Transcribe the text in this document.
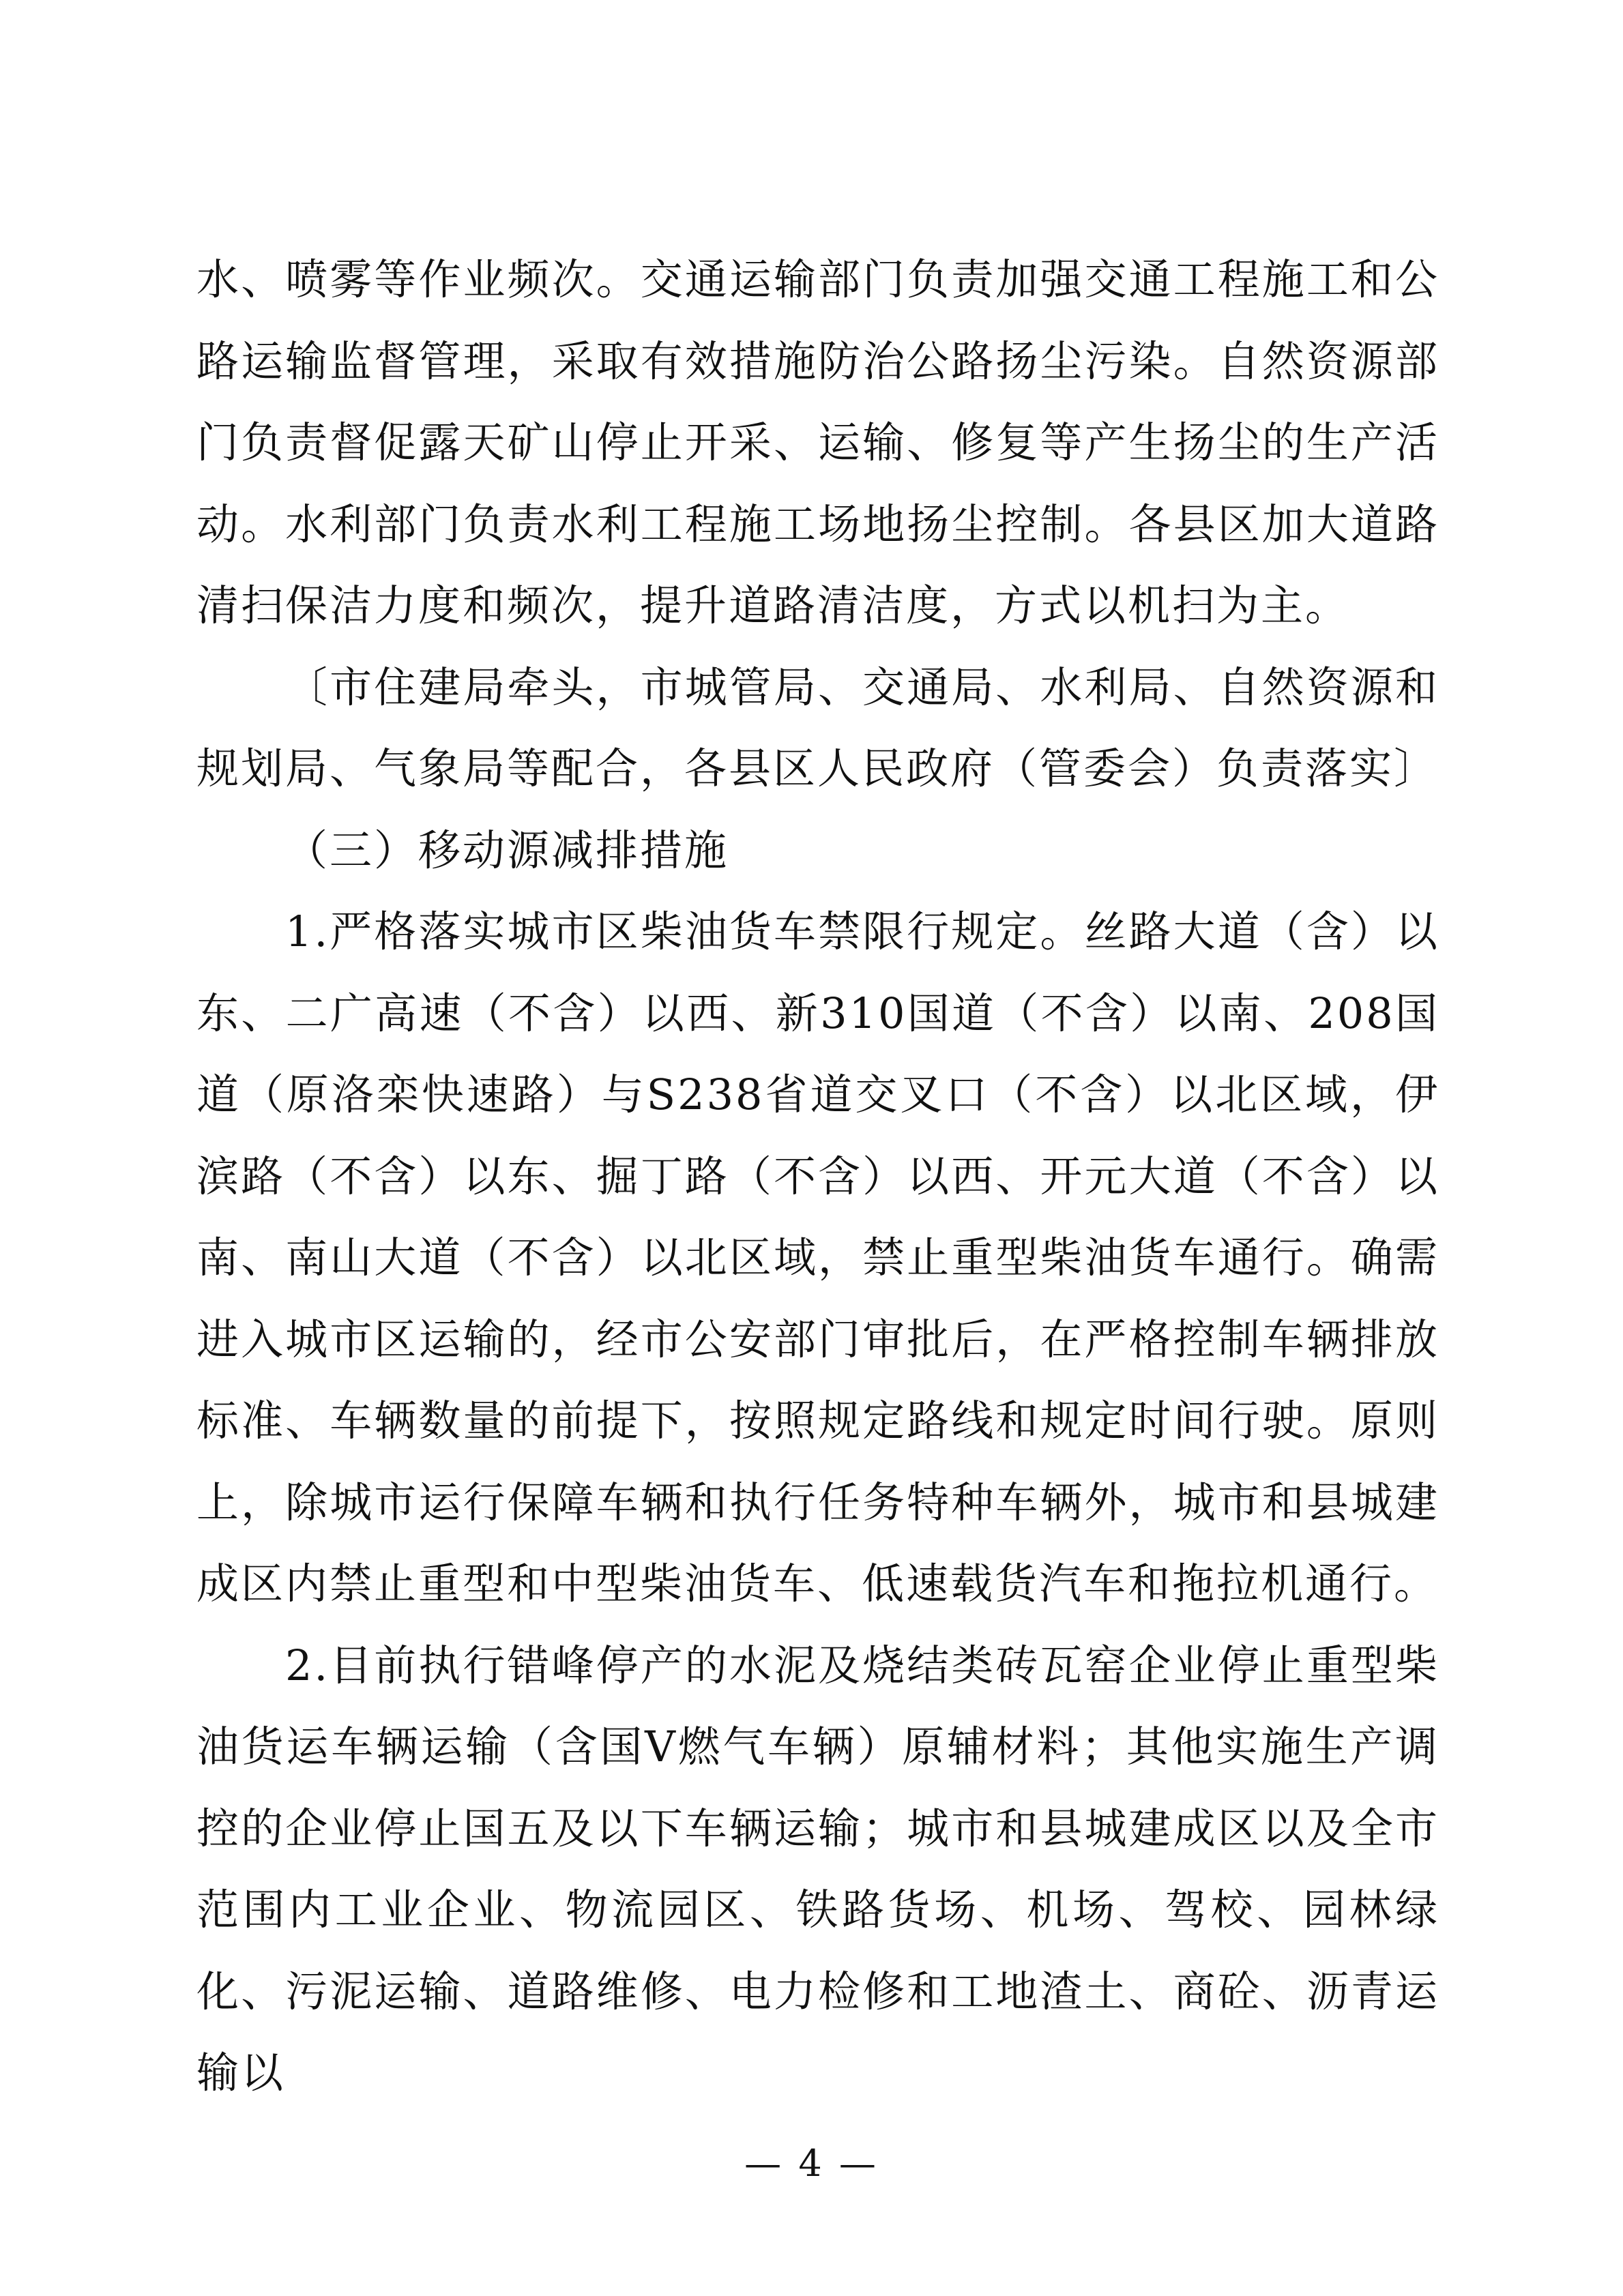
水、喷雾等作业频次。交通运输部门负责加强交通工程施工和公路运输监督管理，采取有效措施防治公路扬尘污染。自然资源部门负责督促露天矿山停止开采、运输、修复等产生扬尘的生产活动。水利部门负责水利工程施工场地扬尘控制。各县区加大道路清扫保洁力度和频次，提升道路清洁度，方式以机扫为主。

〔市住建局牵头，市城管局、交通局、水利局、自然资源和规划局、气象局等配合，各县区人民政府（管委会）负责落实〕

（三）移动源减排措施

1.严格落实城市区柴油货车禁限行规定。丝路大道（含）以东、二广高速（不含）以西、新310国道（不含）以南、208国道（原洛栾快速路）与S238省道交叉口（不含）以北区域，伊滨路（不含）以东、掘丁路（不含）以西、开元大道（不含）以南、南山大道（不含）以北区域，禁止重型柴油货车通行。确需进入城市区运输的，经市公安部门审批后，在严格控制车辆排放标准、车辆数量的前提下，按照规定路线和规定时间行驶。原则上，除城市运行保障车辆和执行任务特种车辆外，城市和县城建成区内禁止重型和中型柴油货车、低速载货汽车和拖拉机通行。

2.目前执行错峰停产的水泥及烧结类砖瓦窑企业停止重型柴油货运车辆运输（含国V燃气车辆）原辅材料；其他实施生产调控的企业停止国五及以下车辆运输；城市和县城建成区以及全市范围内工业企业、物流园区、铁路货场、机场、驾校、园林绿化、污泥运输、道路维修、电力检修和工地渣土、商砼、沥青运输以

— 4 —
